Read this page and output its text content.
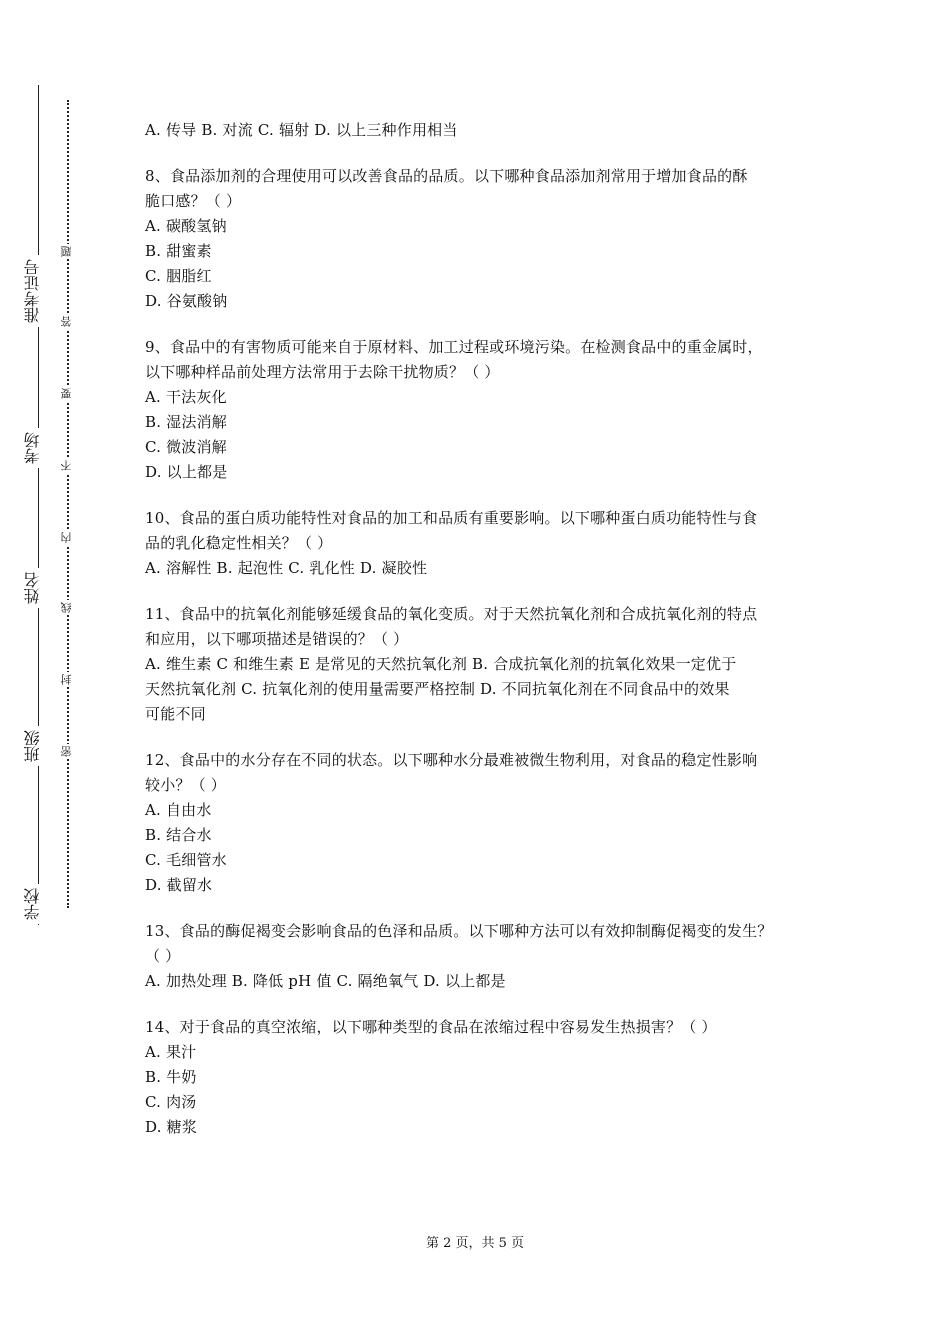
准考证号
考场
姓名
班级
学校
题
答
要
不
内
线
封
密
A. 传导 B. 对流 C. 辐射 D. 以上三种作用相当
8、食品添加剂的合理使用可以改善食品的品质。以下哪种食品添加剂常用于增加食品的酥
脆口感？（ ）
A. 碳酸氢钠
B. 甜蜜素
C. 胭脂红
D. 谷氨酸钠
9、食品中的有害物质可能来自于原材料、加工过程或环境污染。在检测食品中的重金属时，
以下哪种样品前处理方法常用于去除干扰物质？（ ）
A. 干法灰化
B. 湿法消解
C. 微波消解
D. 以上都是
10、食品的蛋白质功能特性对食品的加工和品质有重要影响。以下哪种蛋白质功能特性与食
品的乳化稳定性相关？（ ）
A. 溶解性 B. 起泡性 C. 乳化性 D. 凝胶性
11、食品中的抗氧化剂能够延缓食品的氧化变质。对于天然抗氧化剂和合成抗氧化剂的特点
和应用，以下哪项描述是错误的？（ ）
A. 维生素 C 和维生素 E 是常见的天然抗氧化剂 B. 合成抗氧化剂的抗氧化效果一定优于
天然抗氧化剂 C. 抗氧化剂的使用量需要严格控制 D. 不同抗氧化剂在不同食品中的效果
可能不同
12、食品中的水分存在不同的状态。以下哪种水分最难被微生物利用，对食品的稳定性影响
较小？（ ）
A. 自由水
B. 结合水
C. 毛细管水
D. 截留水
13、食品的酶促褐变会影响食品的色泽和品质。以下哪种方法可以有效抑制酶促褐变的发生？
（ ）
A. 加热处理 B. 降低 pH 值 C. 隔绝氧气 D. 以上都是
14、对于食品的真空浓缩，以下哪种类型的食品在浓缩过程中容易发生热损害？（ ）
A. 果汁
B. 牛奶
C. 肉汤
D. 糖浆
第 2 页，共 5 页
